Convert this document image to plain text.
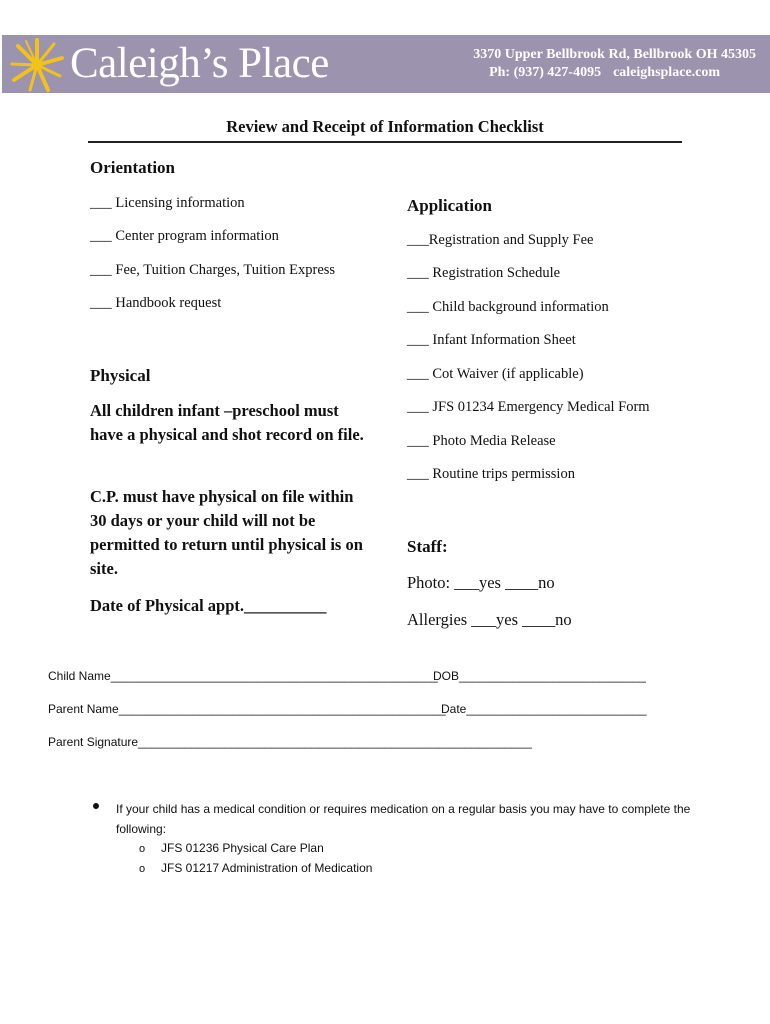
Caleigh’s Place	3370 Upper Bellbrook Rd, Bellbrook OH 45305
Ph: (937) 427-4095 caleighsplace.com
Review and Receipt of Information Checklist
Orientation
___ Licensing information
___ Center program information
___ Fee, Tuition Charges, Tuition Express
___ Handbook request
Application
___Registration and Supply Fee
___ Registration Schedule
___ Child background information
___ Infant Information Sheet
___ Cot Waiver (if applicable)
___ JFS 01234 Emergency Medical Form
___ Photo Media Release
___ Routine trips permission
Physical
All children infant –preschool must have a physical and shot record on file.
C.P. must have physical on file within 30 days or your child will not be permitted to return until physical is on site.
Date of Physical appt.__________
Staff:
Photo: ___yes ____no
Allergies ___yes ____no
Child Name_________________________________________________
DOB____________________________
Parent Name_________________________________________________
Date___________________________
Parent Signature___________________________________________________________
If your child has a medical condition or requires medication on a regular basis you may have to complete the
following:
o JFS 01236 Physical Care Plan
o JFS 01217 Administration of Medication
